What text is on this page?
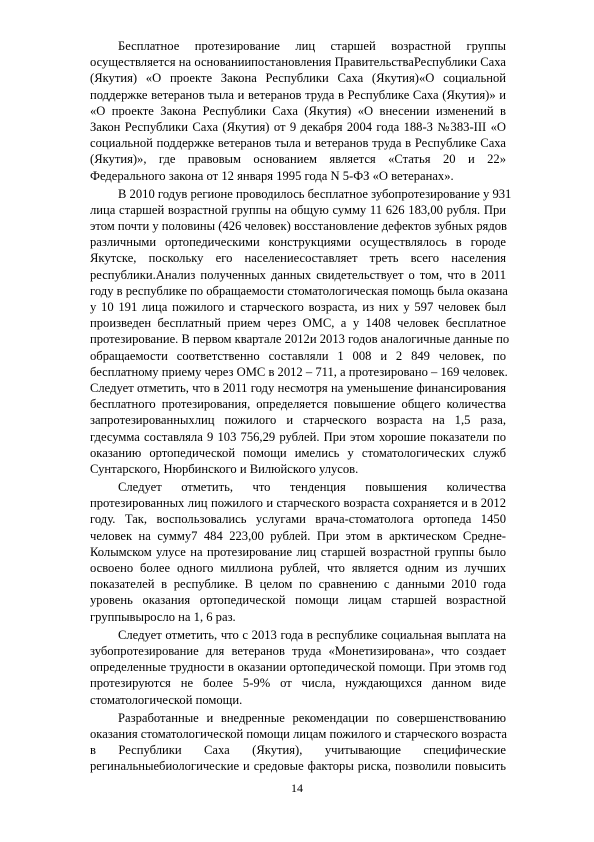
Бесплатное протезирование лиц старшей возрастной группы
осуществляется на основаниипостановления ПравительстваРеспублики Саха
(Якутия) «О проекте Закона Республики Саха (Якутия)«О социальной
поддержке ветеранов тыла и ветеранов труда в Республике Саха (Якутия)» и
«О проекте Закона Республики Саха (Якутия) «О внесении изменений в
Закон Республики Саха (Якутия) от 9 декабря 2004 года 188-З №383-III «О
социальной поддержке ветеранов тыла и ветеранов труда в Республике Саха
(Якутия)», где правовым основанием является «Статья 20 и 22»
Федерального закона от 12 января 1995 года N 5-ФЗ «О ветеранах».
В 2010 годув регионе проводилось бесплатное зубопротезирование у 931
лица старшей возрастной группы на общую сумму 11 626 183,00 рубля. При
этом почти у половины (426 человек) восстановление дефектов зубных рядов
различными ортопедическими конструкциями осуществлялось в городе
Якутске, поскольку его населениесоставляет треть всего населения
республики.Анализ полученных данных свидетельствует о том, что в 2011
году в республике по обращаемости стоматологическая помощь была оказана
у 10 191 лица пожилого и старческого возраста, из них у 597 человек был
произведен бесплатный прием через ОМС, а у 1408 человек бесплатное
протезирование. В первом квартале 2012и 2013 годов аналогичные данные по
обращаемости соответственно составляли 1 008 и 2 849 человек, по
бесплатному приему через ОМС в 2012 – 711, а протезировано – 169 человек.
Следует отметить, что в 2011 году несмотря на уменьшение финансирования
бесплатного протезирования, определяется повышение общего количества
запротезированныхлиц пожилого и старческого возраста на 1,5 раза,
гдесумма составляла 9 103 756,29 рублей. При этом хорошие показатели по
оказанию ортопедической помощи имелись у стоматологических служб
Сунтарского, Нюрбинского и Вилюйского улусов.
Следует отметить, что тенденция повышения количества
протезированных лиц пожилого и старческого возраста сохраняется и в 2012
году. Так, воспользовались услугами врача-стоматолога ортопеда 1450
человек на сумму7 484 223,00 рублей. При этом в арктическом Средне-
Колымском улусе на протезирование лиц старшей возрастной группы было
освоено более одного миллиона рублей, что является одним из лучших
показателей в республике. В целом по сравнению с данными 2010 года
уровень оказания ортопедической помощи лицам старшей возрастной
группывыросло на 1, 6 раз.
Следует отметить, что с 2013 года в республике социальная выплата на
зубопротезирование для ветеранов труда «Монетизирована», что создает
определенные трудности в оказании ортопедической помощи. При этомв год
протезируются не более 5-9% от числа, нуждающихся данном виде
стоматологической помощи.
Разработанные и внедренные рекомендации по совершенствованию
оказания стоматологической помощи лицам пожилого и старческого возраста
в Республики Саха (Якутия), учитывающие специфические
регинальныебиологические и средовые факторы риска, позволили повысить
14
